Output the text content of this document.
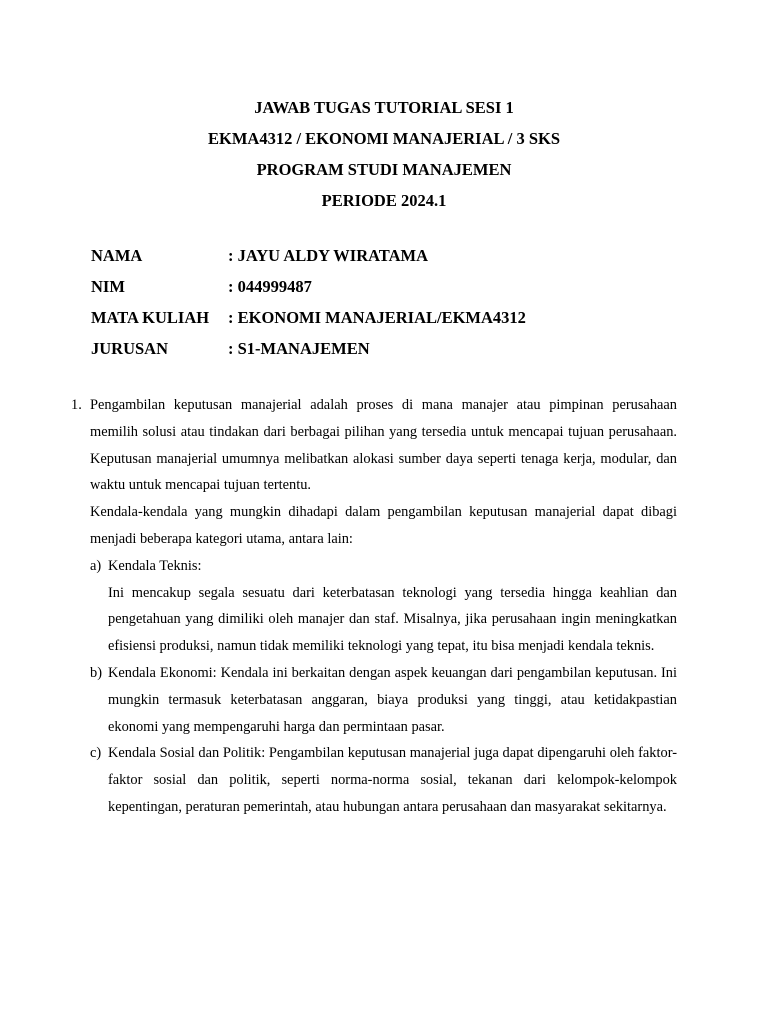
JAWAB TUGAS TUTORIAL SESI 1
EKMA4312 / EKONOMI MANAJERIAL / 3 SKS
PROGRAM STUDI MANAJEMEN
PERIODE 2024.1
NAMA	: JAYU ALDY WIRATAMA
NIM	: 044999487
MATA KULIAH	: EKONOMI MANAJERIAL/EKMA4312
JURUSAN	: S1-MANAJEMEN
1. Pengambilan keputusan manajerial adalah proses di mana manajer atau pimpinan perusahaan memilih solusi atau tindakan dari berbagai pilihan yang tersedia untuk mencapai tujuan perusahaan. Keputusan manajerial umumnya melibatkan alokasi sumber daya seperti tenaga kerja, modular, dan waktu untuk mencapai tujuan tertentu.

Kendala-kendala yang mungkin dihadapi dalam pengambilan keputusan manajerial dapat dibagi menjadi beberapa kategori utama, antara lain:

a) Kendala Teknis:

Ini mencakup segala sesuatu dari keterbatasan teknologi yang tersedia hingga keahlian dan pengetahuan yang dimiliki oleh manajer dan staf. Misalnya, jika perusahaan ingin meningkatkan efisiensi produksi, namun tidak memiliki teknologi yang tepat, itu bisa menjadi kendala teknis.

b) Kendala Ekonomi: Kendala ini berkaitan dengan aspek keuangan dari pengambilan keputusan. Ini mungkin termasuk keterbatasan anggaran, biaya produksi yang tinggi, atau ketidakpastian ekonomi yang mempengaruhi harga dan permintaan pasar.

c) Kendala Sosial dan Politik: Pengambilan keputusan manajerial juga dapat dipengaruhi oleh faktor-faktor sosial dan politik, seperti norma-norma sosial, tekanan dari kelompok-kelompok kepentingan, peraturan pemerintah, atau hubungan antara perusahaan dan masyarakat sekitarnya.
